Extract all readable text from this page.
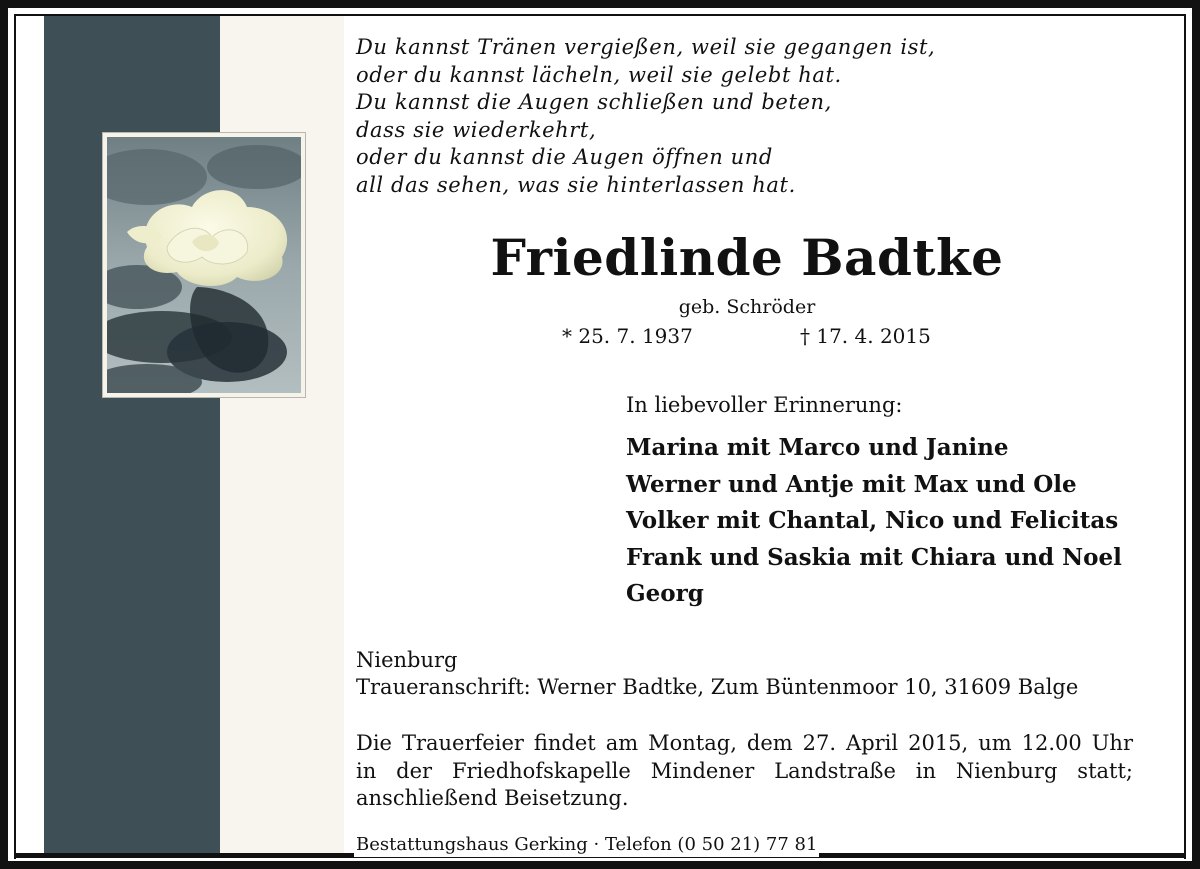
Du kannst Tränen vergießen, weil sie gegangen ist,
oder du kannst lächeln, weil sie gelebt hat.
Du kannst die Augen schließen und beten,
dass sie wiederkehrt,
oder du kannst die Augen öffnen und
all das sehen, was sie hinterlassen hat.
Friedlinde Badtke
geb. Schröder
* 25. 7. 1937	† 17. 4. 2015
In liebevoller Erinnerung:
Marina mit Marco und Janine
Werner und Antje mit Max und Ole
Volker mit Chantal, Nico und Felicitas
Frank und Saskia mit Chiara und Noel
Georg
Nienburg
Traueranschrift: Werner Badtke, Zum Büntenmoor 10, 31609 Balge
Die Trauerfeier findet am Montag, dem 27. April 2015, um 12.00 Uhr
in der Friedhofskapelle Mindener Landstraße in Nienburg statt;
anschließend Beisetzung.
Bestattungshaus Gerking · Telefon (0 50 21) 77 81
